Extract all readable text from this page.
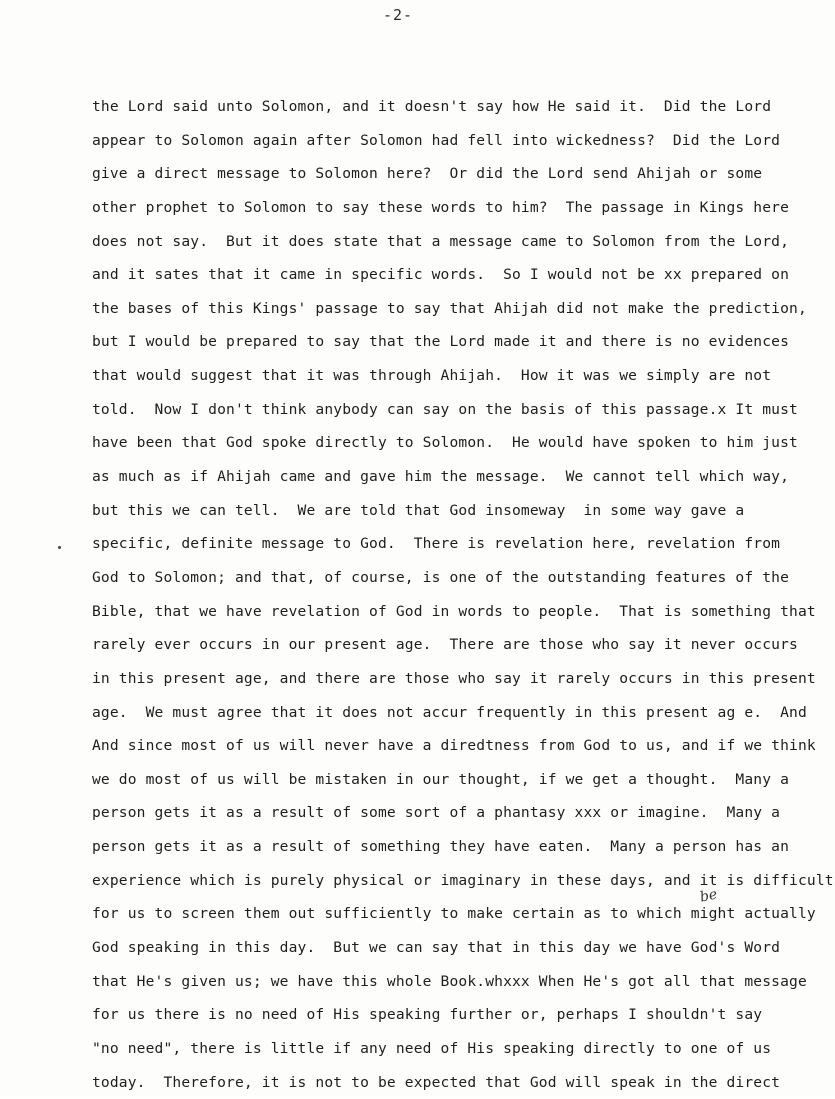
-2-
be
the Lord said unto Solomon, and it doesn't say how He said it.  Did the Lord
appear to Solomon again after Solomon had fell into wickedness?  Did the Lord
give a direct message to Solomon here?  Or did the Lord send Ahijah or some
other prophet to Solomon to say these words to him?  The passage in Kings here
does not say.  But it does state that a message came to Solomon from the Lord,
and it sates that it came in specific words.  So I would not be xx prepared on
the bases of this Kings' passage to say that Ahijah did not make the prediction,
but I would be prepared to say that the Lord made it and there is no evidences
that would suggest that it was through Ahijah.  How it was we simply are not
told.  Now I don't think anybody can say on the basis of this passage.x It must
have been that God spoke directly to Solomon.  He would have spoken to him just
as much as if Ahijah came and gave him the message.  We cannot tell which way,
but this we can tell.  We are told that God insomeway  in some way gave a
specific, definite message to God.  There is revelation here, revelation from
God to Solomon; and that, of course, is one of the outstanding features of the
Bible, that we have revelation of God in words to people.  That is something that
rarely ever occurs in our present age.  There are those who say it never occurs
in this present age, and there are those who say it rarely occurs in this present
age.  We must agree that it does not accur frequently in this present ag e.  And
And since most of us will never have a diredtness from God to us, and if we think
we do most of us will be mistaken in our thought, if we get a thought.  Many a
person gets it as a result of some sort of a phantasy xxx or imagine.  Many a
person gets it as a result of something they have eaten.  Many a person has an
experience which is purely physical or imaginary in these days, and it is difficult
for us to screen them out sufficiently to make certain as to which might actually
God speaking in this day.  But we can say that in this day we have God's Word
that He's given us; we have this whole Book.whxxx When He's got all that message
for us there is no need of His speaking further or, perhaps I shouldn't say
"no need", there is little if any need of His speaking directly to one of us
today.  Therefore, it is not to be expected that God will speak in the direct
